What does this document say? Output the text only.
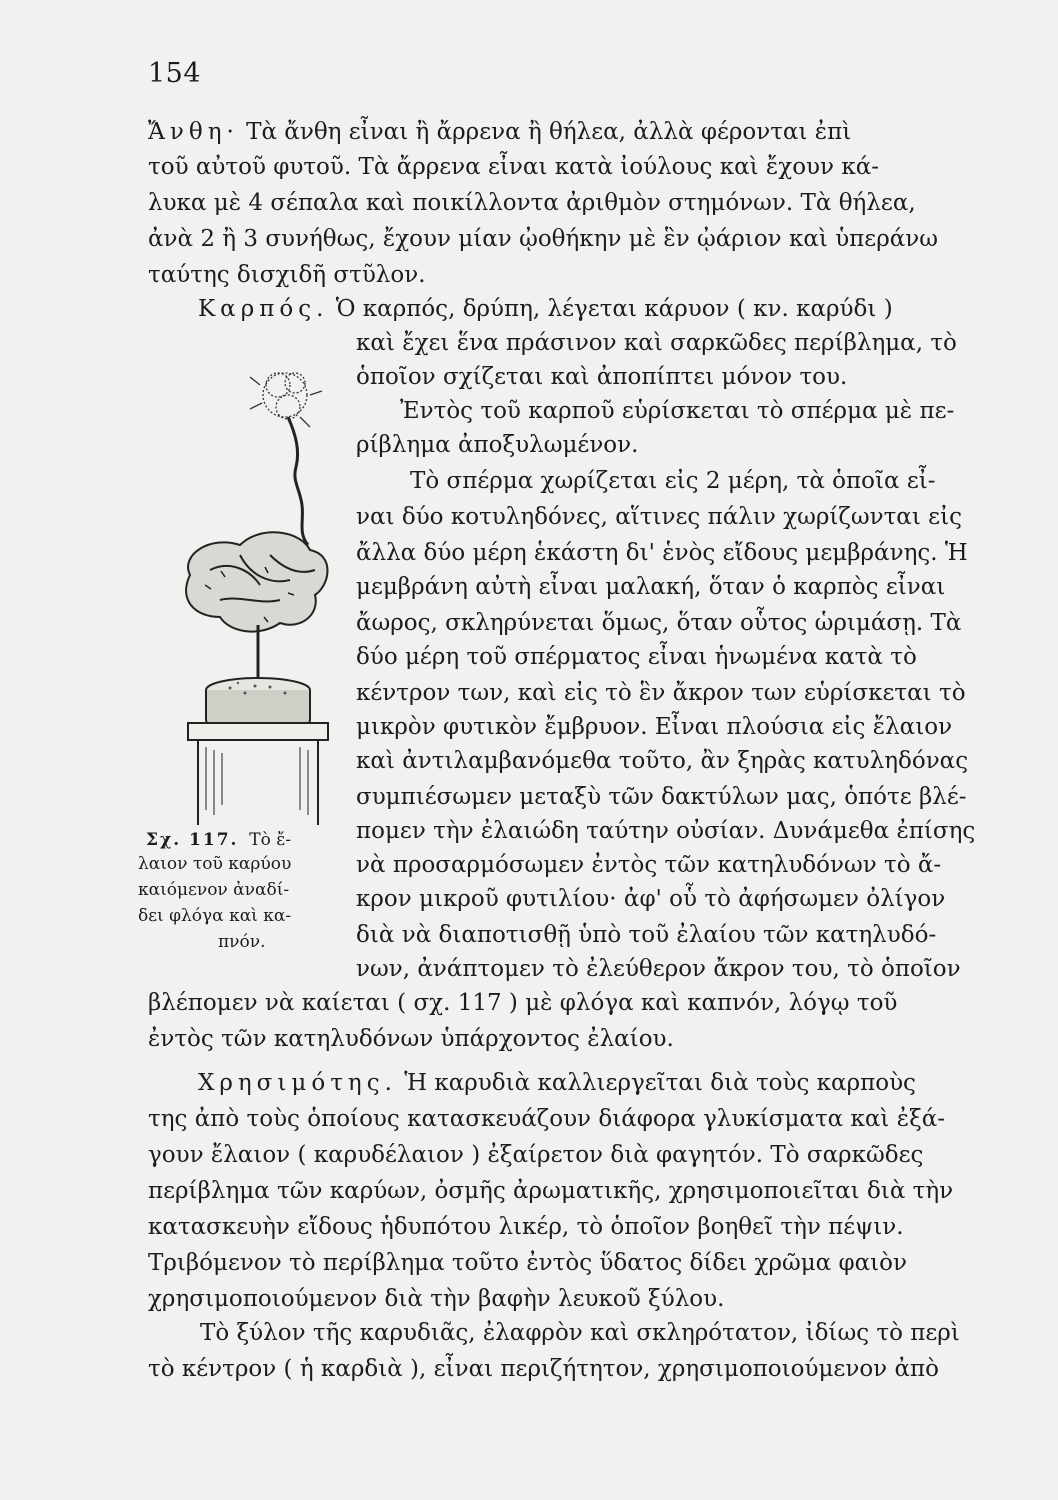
154
Ἄνθη· Τὰ ἄνθη εἶναι ἢ ἄρρενα ἢ θήλεα, ἀλλὰ φέρονται ἐπὶ
τοῦ αὐτοῦ φυτοῦ. Τὰ ἄρρενα εἶναι κατὰ ἰούλους καὶ ἔχουν κά-
λυκα μὲ 4 σέπαλα καὶ ποικίλλοντα ἀριθμὸν στημόνων. Τὰ θήλεα,
ἀνὰ 2 ἢ 3 συνήθως, ἔχουν μίαν ᾠοθήκην μὲ ἓν ᾠάριον καὶ ὑπεράνω
ταύτης δισχιδῆ στῦλον.
Καρπός. Ὁ καρπός, δρύπη, λέγεται κάρυον ( κν. καρύδι )
καὶ ἔχει ἕνα πράσινον καὶ σαρκῶδες περίβλημα, τὸ
ὁποῖον σχίζεται καὶ ἀποπίπτει μόνον του.
Ἐντὸς τοῦ καρποῦ εὑρίσκεται τὸ σπέρμα μὲ πε-
ρίβλημα ἀποξυλωμένον.
Τὸ σπέρμα χωρίζεται εἰς 2 μέρη, τὰ ὁποῖα εἶ-
ναι δύο κοτυληδόνες, αἵτινες πάλιν χωρίζωνται εἰς
ἄλλα δύο μέρη ἑκάστη δι' ἑνὸς εἴδους μεμβράνης. Ἡ
μεμβράνη αὐτὴ εἶναι μαλακή, ὅταν ὁ καρπὸς εἶναι
ἄωρος, σκληρύνεται ὅμως, ὅταν οὗτος ὡριμάσῃ. Τὰ
δύο μέρη τοῦ σπέρματος εἶναι ἡνωμένα κατὰ τὸ
κέντρον των, καὶ εἰς τὸ ἓν ἄκρον των εὑρίσκεται τὸ
μικρὸν φυτικὸν ἔμβρυον. Εἶναι πλούσια εἰς ἔλαιον
καὶ ἀντιλαμβανόμεθα τοῦτο, ἂν ξηρὰς κατυληδόνας
συμπιέσωμεν μεταξὺ τῶν δακτύλων μας, ὁπότε βλέ-
πομεν τὴν ἐλαιώδη ταύτην οὐσίαν. Δυνάμεθα ἐπίσης
νὰ προσαρμόσωμεν ἐντὸς τῶν κατηλυδόνων τὸ ἄ-
κρον μικροῦ φυτιλίου· ἀφ' οὗ τὸ ἀφήσωμεν ὀλίγον
διὰ νὰ διαποτισθῇ ὑπὸ τοῦ ἐλαίου τῶν κατηλυδό-
νων, ἀνάπτομεν τὸ ἐλεύθερον ἄκρον του, τὸ ὁποῖον
βλέπομεν νὰ καίεται ( σχ. 117 ) μὲ φλόγα καὶ καπνόν, λόγῳ τοῦ
ἐντὸς τῶν κατηλυδόνων ὑπάρχοντος ἐλαίου.
Χρησιμότης. Ἡ καρυδιὰ καλλιεργεῖται διὰ τοὺς καρποὺς
της ἀπὸ τοὺς ὁποίους κατασκευάζουν διάφορα γλυκίσματα καὶ ἐξά-
γουν ἔλαιον ( καρυδέλαιον ) ἐξαίρετον διὰ φαγητόν. Τὸ σαρκῶδες
περίβλημα τῶν καρύων, ὀσμῆς ἀρωματικῆς, χρησιμοποιεῖται διὰ τὴν
κατασκευὴν εἴδους ἡδυπότου λικέρ, τὸ ὁποῖον βοηθεῖ τὴν πέψιν.
Τριβόμενον τὸ περίβλημα τοῦτο ἐντὸς ὕδατος δίδει χρῶμα φαιὸν
χρησιμοποιούμενον διὰ τὴν βαφὴν λευκοῦ ξύλου.
Τὸ ξύλον τῆς καρυδιᾶς, ἐλαφρὸν καὶ σκληρότατον, ἰδίως τὸ περὶ
τὸ κέντρον ( ἡ καρδιὰ ), εἶναι περιζήτητον, χρησιμοποιούμενον ἀπὸ
Σχ. 117. Τὸ ἔ-
λαιον τοῦ καρύου
καιόμενον ἀναδί-
δει φλόγα καὶ κα-
πνόν.
